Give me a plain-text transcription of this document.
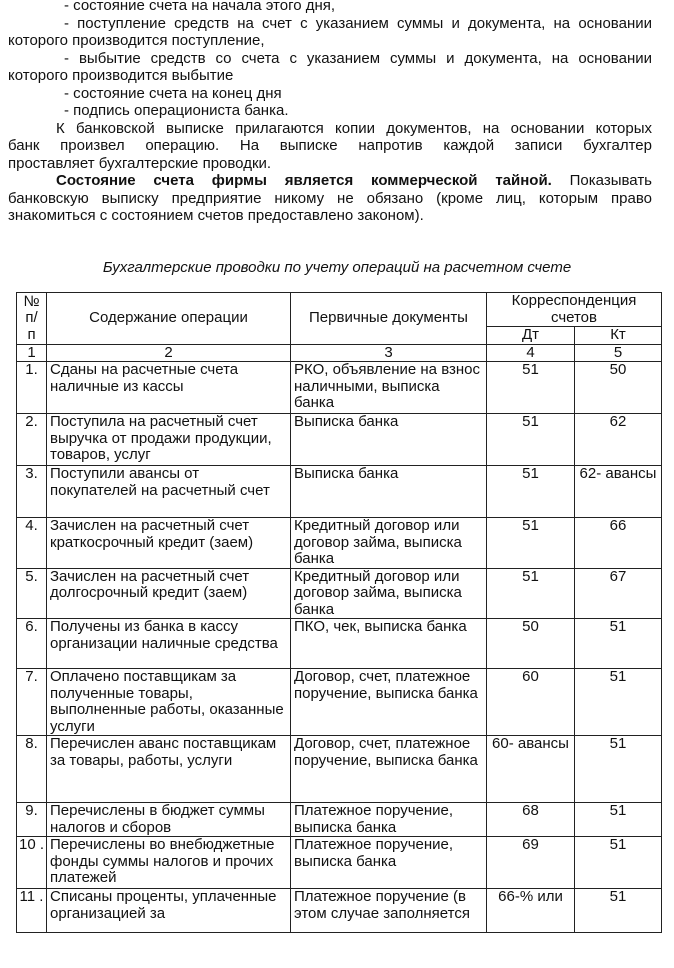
- состояние счета на начала этого дня,
- поступление средств на счет с указанием суммы и документа, на основании
которого производится поступление,
- выбытие средств со счета с указанием суммы и документа, на основании
которого производится выбытие
- состояние счета на конец дня
- подпись операциониста банка.
К банковской выписке прилагаются копии документов, на основании которых
банк произвел операцию. На выписке напротив каждой записи бухгалтер
проставляет бухгалтерские проводки.
Состояние счета фирмы является коммерческой тайной. Показывать
банковскую выписку предприятие никому не обязано (кроме лиц, которым право
знакомиться с состоянием счетов предоставлено законом).
Бухгалтерские проводки по учету операций на расчетном счете
№ п/ п	Содержание операции	Первичные документы	Корреспонденция счетов	
			Дт	Кт
1	2	3	4	5
1.	Сданы на расчетные счета наличные из кассы	РКО, объявление на взнос наличными, выписка банка	51	50
2.	Поступила на расчетный счет выручка от продажи продукции, товаров, услуг	Выписка банка	51	62
3.	Поступили авансы от покупателей на расчетный счет	Выписка банка	51	62- авансы
4.	Зачислен на расчетный счет краткосрочный кредит (заем)	Кредитный договор или договор займа, выписка банка	51	66
5.	Зачислен на расчетный счет долгосрочный кредит (заем)	Кредитный договор или договор займа, выписка банка	51	67
6.	Получены из банка в кассу организации наличные средства	ПКО, чек, выписка банка	50	51
7.	Оплачено поставщикам за полученные товары, выполненные работы, оказанные услуги	Договор, счет, платежное поручение, выписка банка	60	51
8.	Перечислен аванс поставщикам за товары, работы, услуги	Договор, счет, платежное поручение, выписка банка	60- авансы	51
9.	Перечислены в бюджет суммы налогов и сборов	Платежное поручение, выписка банка	68	51
10 .	Перечислены во внебюджетные фонды суммы налогов и прочих платежей	Платежное поручение, выписка банка	69	51
11 .	Списаны проценты, уплаченные организацией за	Платежное поручение (в этом случае заполняется	66-% или	51
